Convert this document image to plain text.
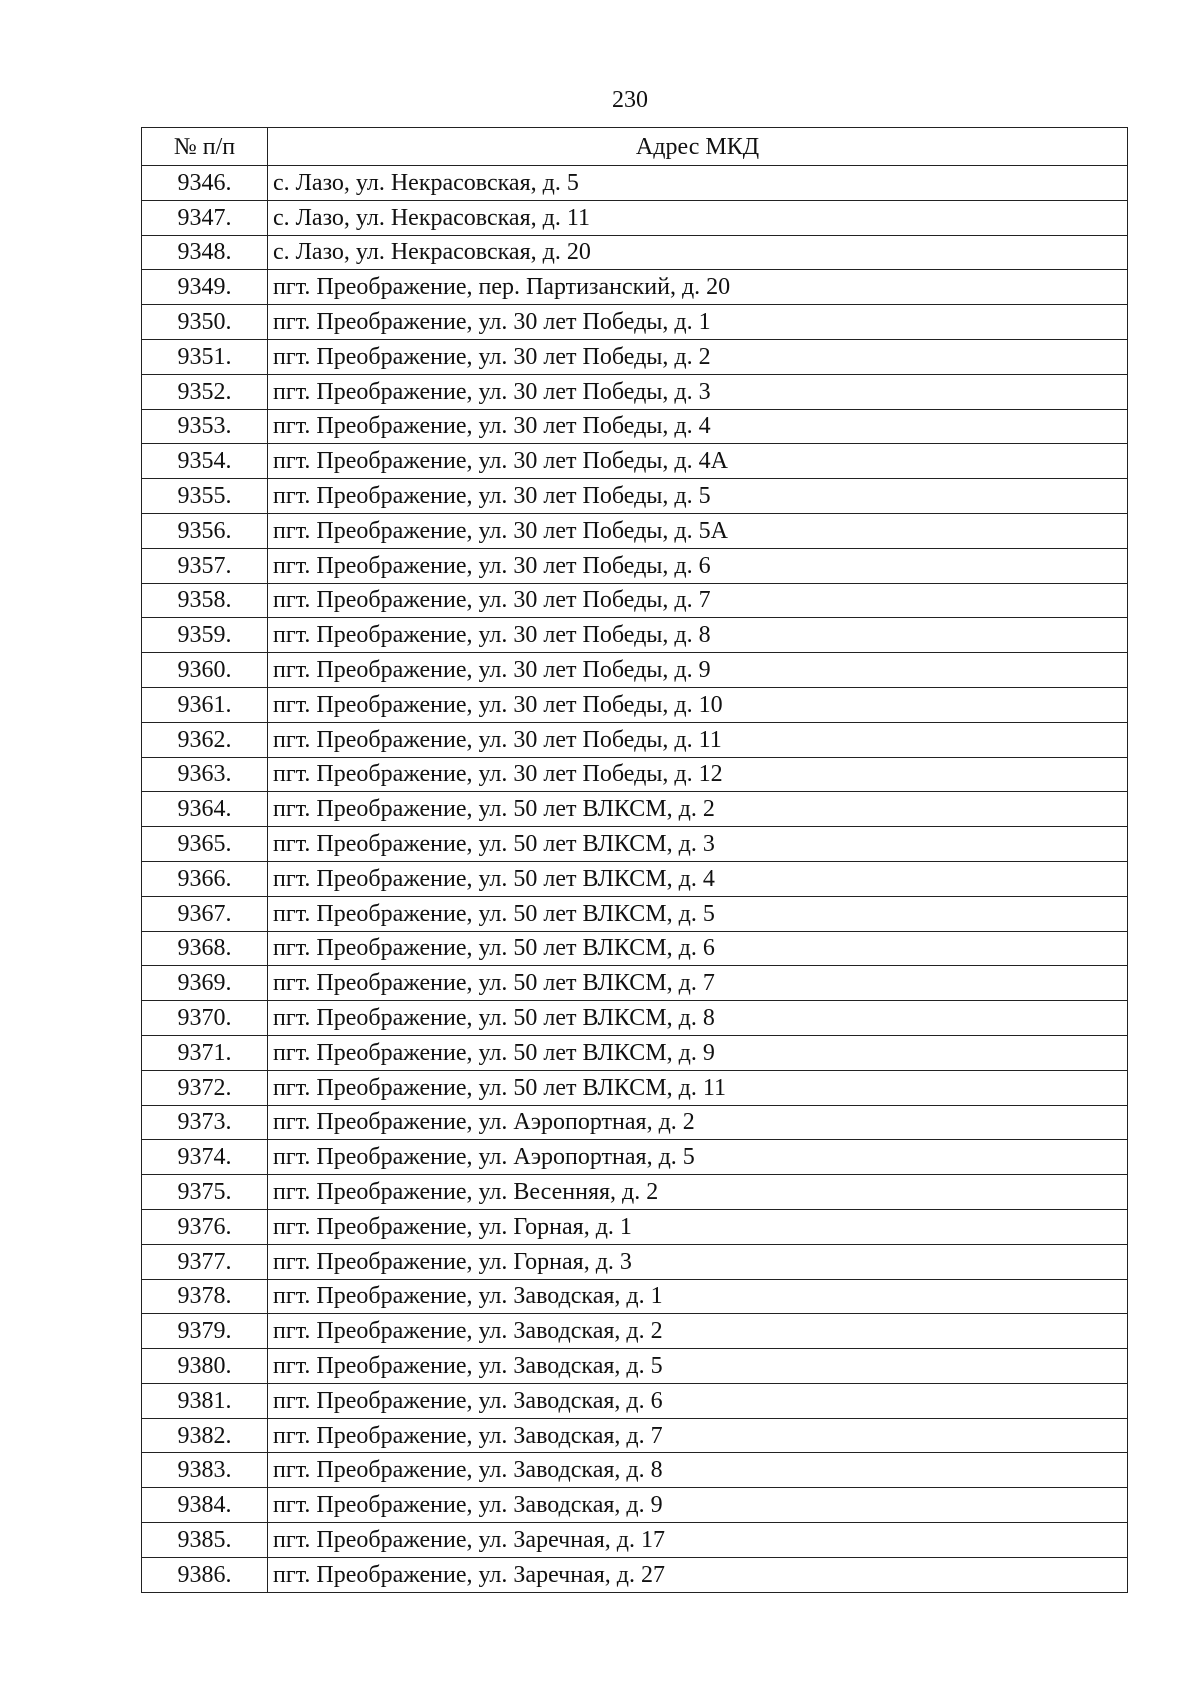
230
№ п/п	Адрес МКД
9346.	с. Лазо, ул. Некрасовская, д. 5
9347.	с. Лазо, ул. Некрасовская, д. 11
9348.	с. Лазо, ул. Некрасовская, д. 20
9349.	пгт. Преображение, пер. Партизанский, д. 20
9350.	пгт. Преображение, ул. 30 лет Победы, д. 1
9351.	пгт. Преображение, ул. 30 лет Победы, д. 2
9352.	пгт. Преображение, ул. 30 лет Победы, д. 3
9353.	пгт. Преображение, ул. 30 лет Победы, д. 4
9354.	пгт. Преображение, ул. 30 лет Победы, д. 4А
9355.	пгт. Преображение, ул. 30 лет Победы, д. 5
9356.	пгт. Преображение, ул. 30 лет Победы, д. 5А
9357.	пгт. Преображение, ул. 30 лет Победы, д. 6
9358.	пгт. Преображение, ул. 30 лет Победы, д. 7
9359.	пгт. Преображение, ул. 30 лет Победы, д. 8
9360.	пгт. Преображение, ул. 30 лет Победы, д. 9
9361.	пгт. Преображение, ул. 30 лет Победы, д. 10
9362.	пгт. Преображение, ул. 30 лет Победы, д. 11
9363.	пгт. Преображение, ул. 30 лет Победы, д. 12
9364.	пгт. Преображение, ул. 50 лет ВЛКСМ, д. 2
9365.	пгт. Преображение, ул. 50 лет ВЛКСМ, д. 3
9366.	пгт. Преображение, ул. 50 лет ВЛКСМ, д. 4
9367.	пгт. Преображение, ул. 50 лет ВЛКСМ, д. 5
9368.	пгт. Преображение, ул. 50 лет ВЛКСМ, д. 6
9369.	пгт. Преображение, ул. 50 лет ВЛКСМ, д. 7
9370.	пгт. Преображение, ул. 50 лет ВЛКСМ, д. 8
9371.	пгт. Преображение, ул. 50 лет ВЛКСМ, д. 9
9372.	пгт. Преображение, ул. 50 лет ВЛКСМ, д. 11
9373.	пгт. Преображение, ул. Аэропортная, д. 2
9374.	пгт. Преображение, ул. Аэропортная, д. 5
9375.	пгт. Преображение, ул. Весенняя, д. 2
9376.	пгт. Преображение, ул. Горная, д. 1
9377.	пгт. Преображение, ул. Горная, д. 3
9378.	пгт. Преображение, ул. Заводская, д. 1
9379.	пгт. Преображение, ул. Заводская, д. 2
9380.	пгт. Преображение, ул. Заводская, д. 5
9381.	пгт. Преображение, ул. Заводская, д. 6
9382.	пгт. Преображение, ул. Заводская, д. 7
9383.	пгт. Преображение, ул. Заводская, д. 8
9384.	пгт. Преображение, ул. Заводская, д. 9
9385.	пгт. Преображение, ул. Заречная, д. 17
9386.	пгт. Преображение, ул. Заречная, д. 27
